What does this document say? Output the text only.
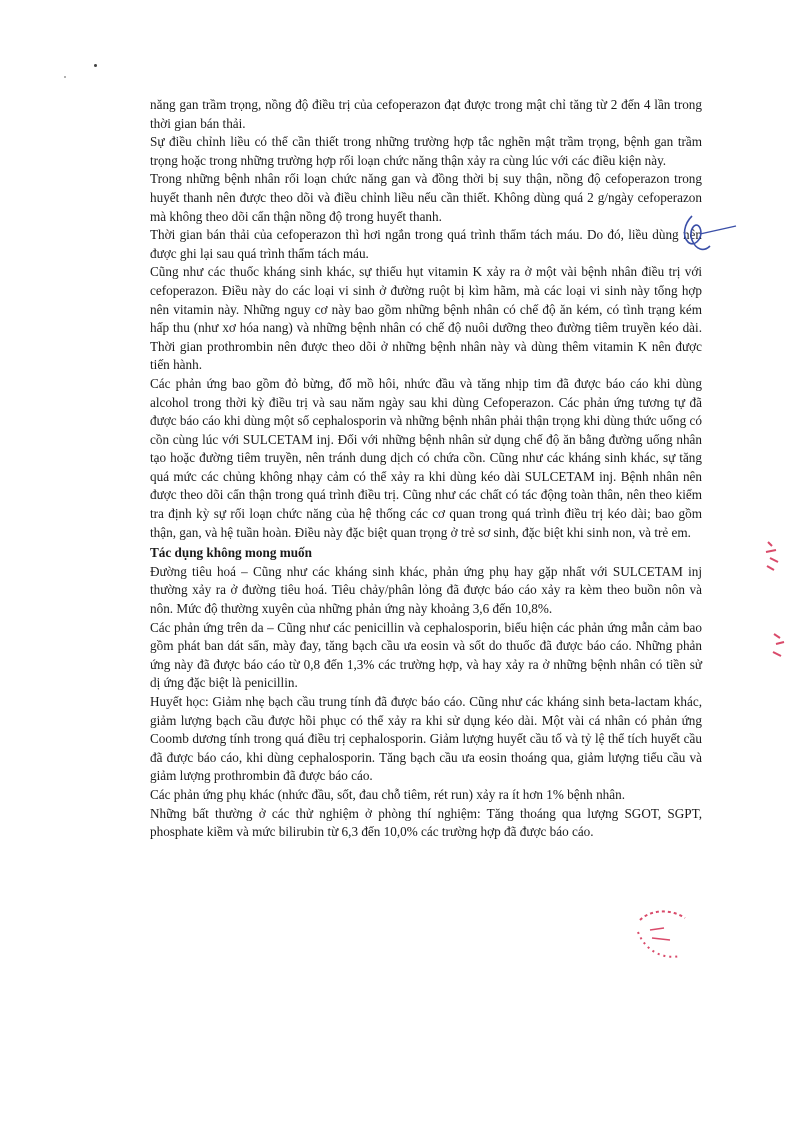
năng gan trầm trọng, nồng độ điều trị của cefoperazon đạt được trong mật chỉ tăng từ 2 đến 4 lần trong thời gian bán thải.

Sự điều chỉnh liều có thể cần thiết trong những trường hợp tắc nghẽn mật trầm trọng, bệnh gan trầm trọng hoặc trong những trường hợp rối loạn chức năng thận xảy ra cùng lúc với các điều kiện này.

Trong những bệnh nhân rối loạn chức năng gan và đồng thời bị suy thận, nồng độ cefoperazon trong huyết thanh nên được theo dõi và điều chỉnh liều nếu cần thiết. Không dùng quá 2 g/ngày cefoperazon mà không theo dõi cẩn thận nồng độ trong huyết thanh.

Thời gian bán thải của cefoperazon thì hơi ngắn trong quá trình thẩm tách máu. Do đó, liều dùng nên được ghi lại sau quá trình thẩm tách máu.

Cũng như các thuốc kháng sinh khác, sự thiếu hụt vitamin K xảy ra ở một vài bệnh nhân điều trị với cefoperazon. Điều này do các loại vi sinh ở đường ruột bị kìm hãm, mà các loại vi sinh này tổng hợp nên vitamin này. Những nguy cơ này bao gồm những bệnh nhân có chế độ ăn kém, có tình trạng kém hấp thu (như xơ hóa nang) và những bệnh nhân có chế độ nuôi dưỡng theo đường tiêm truyền kéo dài. Thời gian prothrombin nên được theo dõi ở những bệnh nhân này và dùng thêm vitamin K nên được tiến hành.

Các phản ứng bao gồm đỏ bừng, đổ mồ hôi, nhức đầu và tăng nhịp tim đã được báo cáo khi dùng alcohol trong thời kỳ điều trị và sau năm ngày sau khi dùng Cefoperazon. Các phản ứng tương tự đã được báo cáo khi dùng một số cephalosporin và những bệnh nhân phải thận trọng khi dùng thức uống có cồn cùng lúc với SULCETAM inj. Đối với những bệnh nhân sử dụng chế độ ăn bằng đường uống nhân tạo hoặc đường tiêm truyền, nên tránh dung dịch có chứa cồn. Cũng như các kháng sinh khác, sự tăng quá mức các chủng không nhạy cảm có thể xảy ra khi dùng kéo dài SULCETAM inj. Bệnh nhân nên được theo dõi cẩn thận trong quá trình điều trị. Cũng như các chất có tác động toàn thân, nên theo kiểm tra định kỳ sự rối loạn chức năng của hệ thống các cơ quan trong quá trình điều trị kéo dài; bao gồm thận, gan, và hệ tuần hoàn. Điều này đặc biệt quan trọng ở trẻ sơ sinh, đặc biệt khi sinh non, và trẻ em.

Tác dụng không mong muốn

Đường tiêu hoá – Cũng như các kháng sinh khác, phản ứng phụ hay gặp nhất với SULCETAM inj thường xảy ra ở đường tiêu hoá. Tiêu chảy/phân lỏng đã được báo cáo xảy ra kèm theo buồn nôn và nôn. Mức độ thường xuyên của những phản ứng này khoảng 3,6 đến 10,8%.

Các phản ứng trên da – Cũng như các penicillin và cephalosporin, biểu hiện các phản ứng mẫn cảm bao gồm phát ban dát sẩn, mày đay, tăng bạch cầu ưa eosin và sốt do thuốc đã được báo cáo. Những phản ứng này đã được báo cáo từ 0,8 đến 1,3% các trường hợp, và hay xảy ra ở những bệnh nhân có tiền sử dị ứng đặc biệt là penicillin.

Huyết học: Giảm nhẹ bạch cầu trung tính đã được báo cáo. Cũng như các kháng sinh beta-lactam khác, giảm lượng bạch cầu được hồi phục có thể xảy ra khi sử dụng kéo dài. Một vài cá nhân có phản ứng Coomb dương tính trong quá điều trị cephalosporin. Giảm lượng huyết cầu tố và tỷ lệ thể tích huyết cầu đã được báo cáo, khi dùng cephalosporin. Tăng bạch cầu ưa eosin thoáng qua, giảm lượng tiểu cầu và giảm lượng prothrombin đã được báo cáo.

Các phản ứng phụ khác (nhức đầu, sốt, đau chỗ tiêm, rét run) xảy ra ít hơn 1% bệnh nhân.

Những bất thường ở các thử nghiệm ở phòng thí nghiệm: Tăng thoáng qua lượng SGOT, SGPT, phosphate kiềm và mức bilirubin từ 6,3 đến 10,0% các trường hợp đã được báo cáo.
